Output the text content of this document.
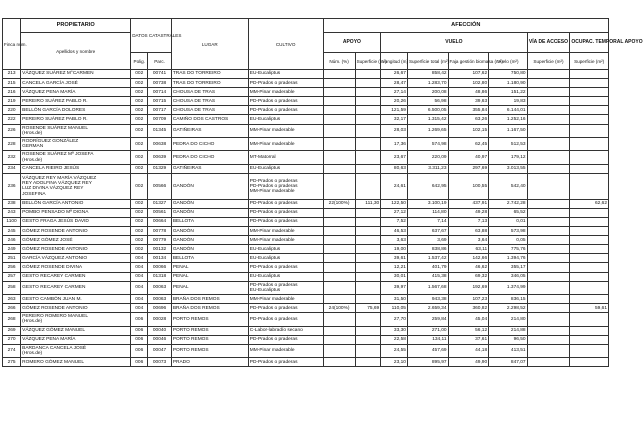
Finca núm.	PROPIETARIO	DATOS CATASTRALES		LUGAR	CULTIVO	AFECCIÓN							
	Apellidos y nombre					APOYO		VUELO				VÍA DE ACCESO	OCUPAC. TEMPORAL APOYO
		Polig.	Parc.			Núm. (%)	Superficie (m²)	Longitud (m)	Superficie total (m²)	Faja gestión biomasa (m²)	Vuelo (m²)	Superficie (m²)	Superficie (m²)
213	VÁZQUEZ SUÁREZ M°CARMEN	002	00741	TRAS DO TORREIRO	EU-Eucaliptus			26,67	858,42	107,62	750,80		
215	CANCELA GARCÍA JOSÉ	002	00738	TRAS DO TORREIRO	PD-Prados o praderas			28,47	1.283,70	102,80	1.180,90		
216	VÁZQUEZ PENA MARÍA	002	00714	CHOUSA DE TRAS	MM-Pinar maderable			27,14	200,08	48,86	151,22		
219	PEREIRO SUÁREZ PABLO R.	002	00715	CHOUSA DE TRAS	PD-Prados o praderas			20,26	56,98	39,63	19,83		
220	BELLÓN GARCÍA DOLORES	002	00717	CHOUSA DE TRAS	PD-Prados o praderas			121,59	6.500,05	355,84	6.144,01		
222	PEREIRO SUÁREZ PABLO R.	002	00709	CAMIÑO DOS CASTROS	EU-Eucaliptus			32,17	1.315,42	63,26	1.252,16		
226	ROSENDE SUÁREZ MANUEL
(Hros.de)	002	01345	GATIÑEIRAS	MM-Pinar maderable			28,03	1.269,65	102,15	1.167,50		
228	RODRÍGUEZ GONZÁLEZ
GERMAN	002	00638	PEDRA DO CICHO	MM-Pinar maderable			17,36	574,98	62,45	512,53		
232	ROSENDE SUÁREZ Mª JOSEFA
(Hros.de)	002	00639	PEDRA DO CICHO	MT-Matorral			23,67	220,09	40,97	179,12		
234	CANCELA RIEIRO JESÚS	002	01329	GATIÑEIRAS	EU-Eucaliptus			80,63	3.311,23	297,69	3.013,55		
236	VÁZQUEZ REY MARÍA VÁZQUEZ
REY ADOLFINA VÁZQUEZ REY
LUZ DIVINA VÁZQUEZ REY
JOSEFINA	002	00566	GANDÓN	PD-Prados o praderas
PD-Prados o praderas
MM-Pinar maderable			24,61	642,95	100,55	542,40		
238	BELLÓN GARCÍA ANTONIO	002	01327	GANDÓN	PD-Prados o praderas	22(100%)	111,30	122,50	3.100,19	437,91	2.742,28		62,62
243	POMBO PENSADO Mª DIGNA	002	00561	GANDÓN	PD-Prados o praderas			27,12	114,80	49,28	65,52		
1100	GESTO FRAGA JESÚS DAVID	002	00664	BELLOTA	PD-Prados o praderas			7,52	7,14	7,13	0,01		
245	GÓMEZ ROSENDE ANTONIO	002	00778	GANDÓN	MM-Pinar maderable			46,53	637,67	63,88	573,98		
246	GÓMEZ GÓMEZ JOSÉ	002	00779	GANDÓN	MM-Pinar maderable			3,63	3,69	3,64	0,05		
249	GÓMEZ ROSENDE ANTONIO	002	00132	GANDÓN	EU-Eucaliptus			19,00	838,86	63,11	775,76		
251	GARCÍA VÁZQUEZ ANTONIO	004	00134	BELLOTA	EU-Eucaliptus			39,61	1.537,42	142,66	1.394,76		
256	GÓMEZ ROSENDE DIVINA	004	00066	PENAL	PD-Prados o praderas			12,21	401,79	46,62	355,17		
257	GESTO RECAREY CARMEN	004	01318	PENAL	EU-Eucaliptus			30,01	415,38	69,32	346,05		
258	GESTO RECAREY CARMEN	004	00063	PENAL	PD-Prados o praderas
EU-Eucaliptus			39,97	1.567,68	192,69	1.374,99		
263	GESTO CAMBÓN JUAN M.	004	00063	BRAÑA DOS REMOS	MM-Pinar maderable			31,50	943,38	107,23	836,15		
266	GÓMEZ ROSENDE ANTONIO	004	00696	BRAÑA DOS REMOS	PD-Prados o praderas	24(100%)	75,69	110,05	2.659,34	360,82	2.298,52		59,61
268	PEREIRO ROMERO MANUEL
(Hros.de)	006	00028	PORTO REMOS	PD-Prados o praderas			27,70	259,84	45,04	214,80		
269	VÁZQUEZ GÓMEZ MANUEL	006	00040	PORTO REMOS	C-Labor-labradío secano			33,30	271,00	56,12	214,88		
270	VÁZQUEZ PENA MARÍA	006	00046	PORTO REMOS	PD-Prados o praderas			22,58	134,11	37,61	96,50		
274	BARDANCA CANCELA JOSÉ
(Hros.de)	006	00047	PORTO REMOS	MM-Pinar maderable			24,55	457,69	44,18	413,51		
275	ROMERO GÓMEZ MANUEL	006	00073	PRADO	PD-Prados o praderas			23,10	895,97	49,90	847,07		
